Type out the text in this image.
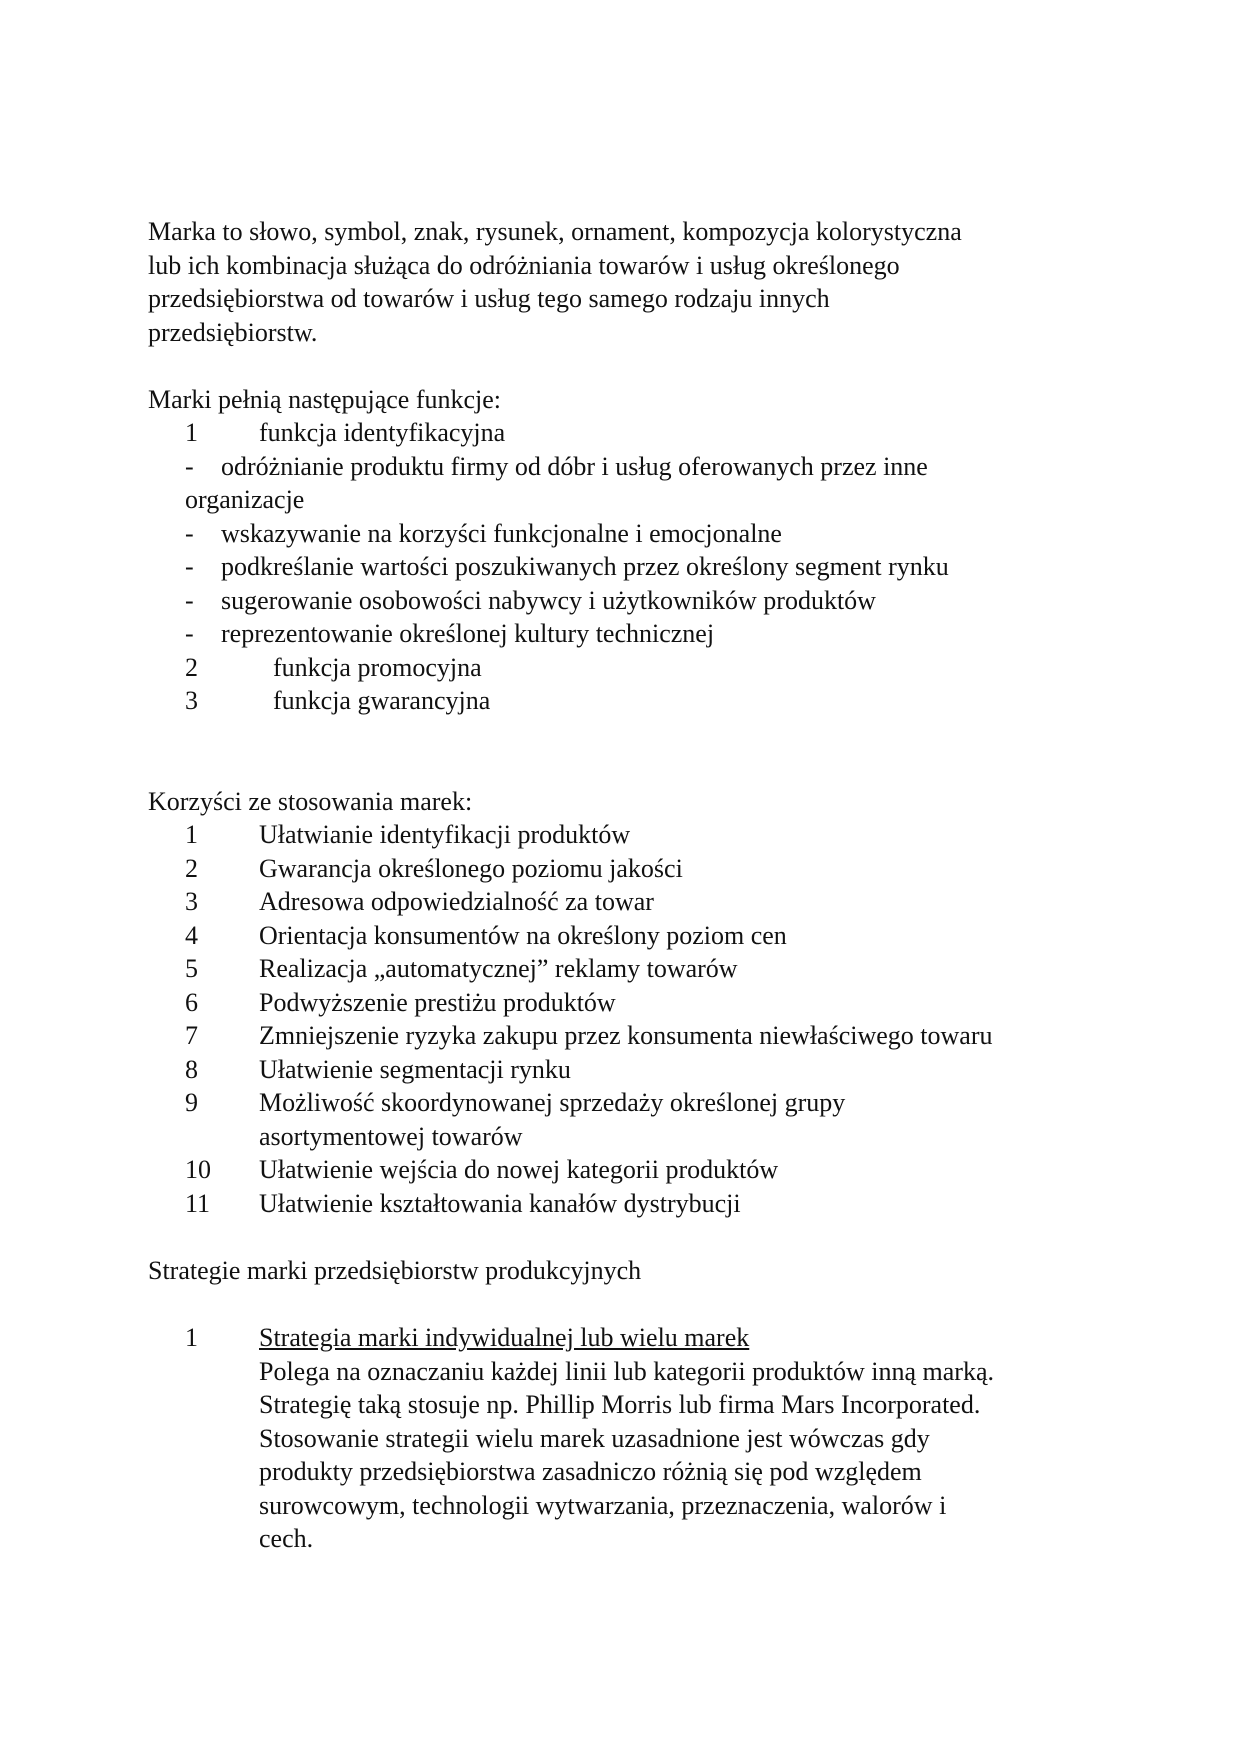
Marka to słowo, symbol, znak, rysunek, ornament, kompozycja kolorystyczna
lub ich kombinacja służąca do odróżniania towarów i usług określonego
przedsiębiorstwa od towarów i usług tego samego rodzaju innych
przedsiębiorstw.
Marki pełnią następujące funkcje:
1 funkcja identyfikacyjna
- odróżnianie produktu firmy od dóbr i usług oferowanych przez inne
organizacje
- wskazywanie na korzyści funkcjonalne i emocjonalne
- podkreślanie wartości poszukiwanych przez określony segment rynku
- sugerowanie osobowości nabywcy i użytkowników produktów
- reprezentowanie określonej kultury technicznej
2	funkcja promocyjna
3	funkcja gwarancyjna
Korzyści ze stosowania marek:
1 Ułatwianie identyfikacji produktów
2 Gwarancja określonego poziomu jakości
3 Adresowa odpowiedzialność za towar
4 Orientacja konsumentów na określony poziom cen
5 Realizacja „automatycznej” reklamy towarów
6 Podwyższenie prestiżu produktów
7 Zmniejszenie ryzyka zakupu przez konsumenta niewłaściwego towaru
8 Ułatwienie segmentacji rynku
9 Możliwość skoordynowanej sprzedaży określonej grupy
asortymentowej towarów
10 Ułatwienie wejścia do nowej kategorii produktów
11 Ułatwienie kształtowania kanałów dystrybucji
Strategie marki przedsiębiorstw produkcyjnych
1 Strategia marki indywidualnej lub wielu marek
Polega na oznaczaniu każdej linii lub kategorii produktów inną marką.
Strategię taką stosuje np. Phillip Morris lub firma Mars Incorporated.
Stosowanie strategii wielu marek uzasadnione jest wówczas gdy
produkty przedsiębiorstwa zasadniczo różnią się pod względem
surowcowym, technologii wytwarzania, przeznaczenia, walorów i
cech.
